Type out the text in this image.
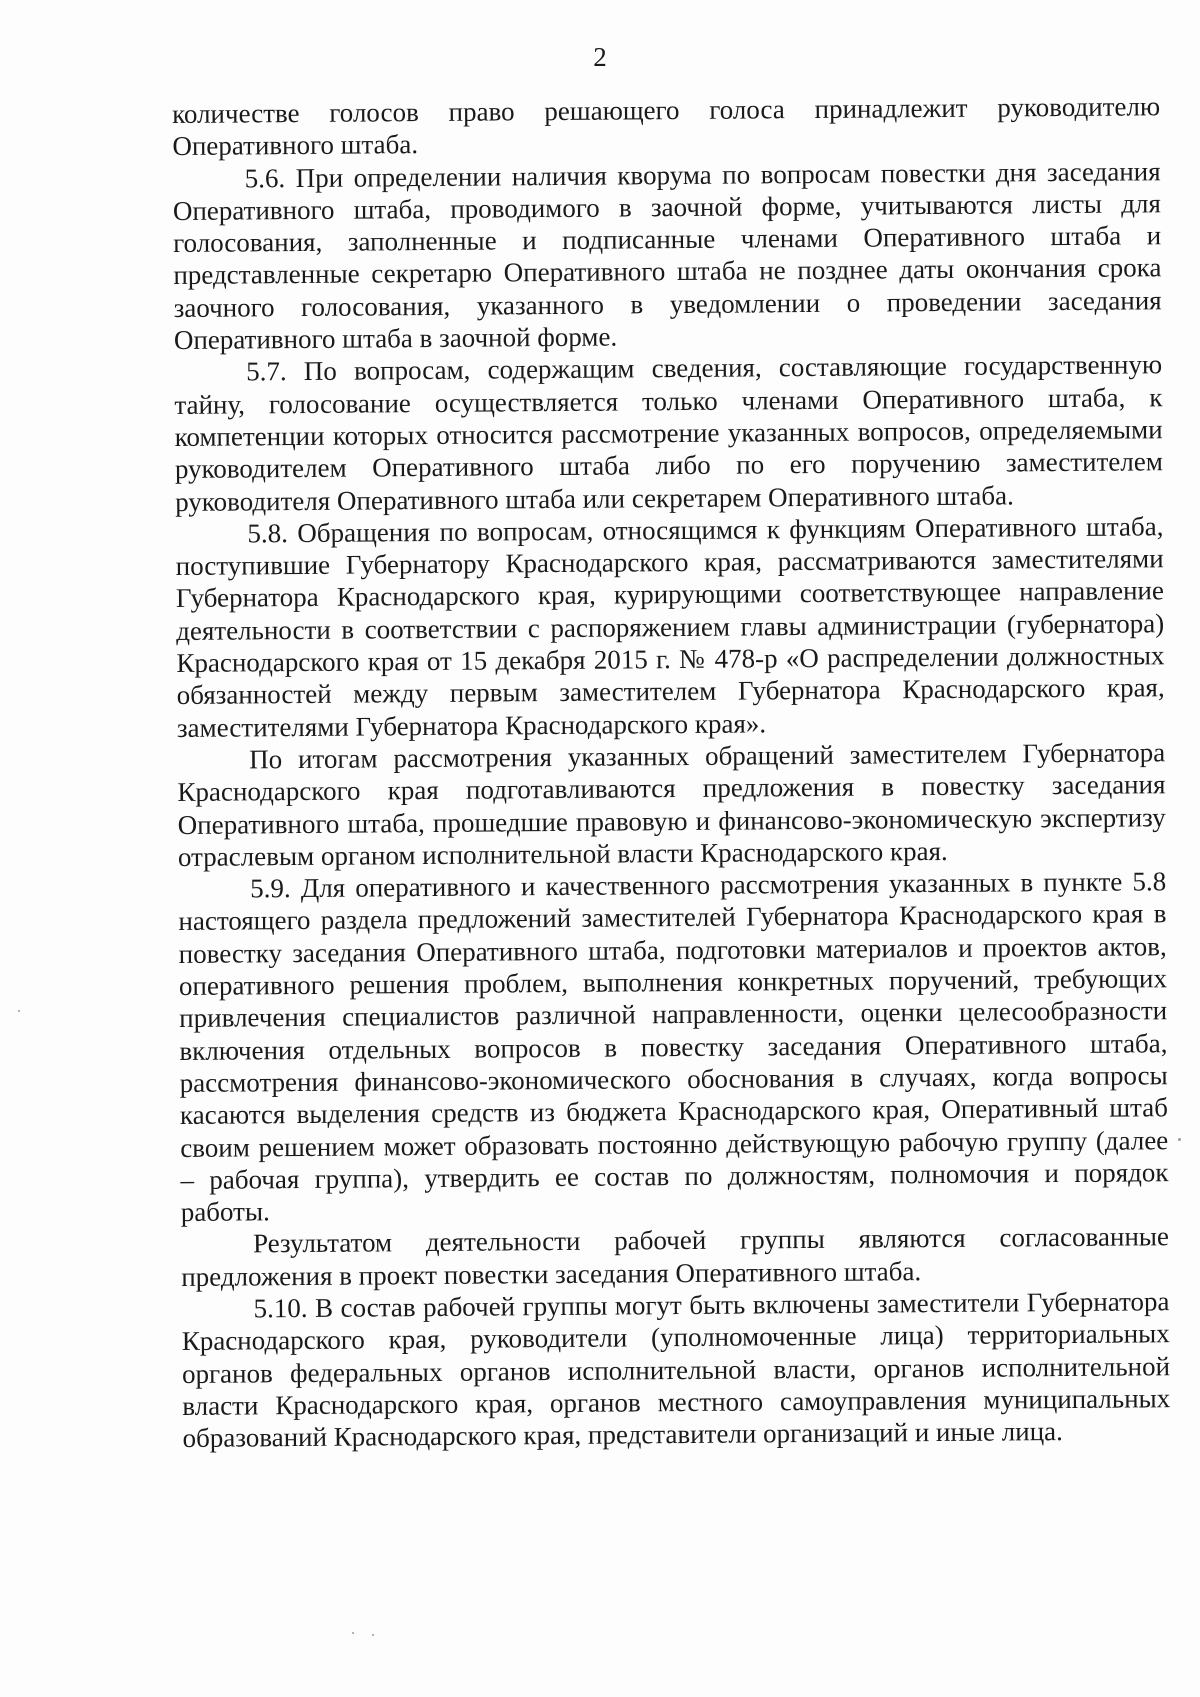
2

количестве голосов право решающего голоса принадлежит руководителю Оперативного штаба.

5.6. При определении наличия кворума по вопросам повестки дня заседания Оперативного штаба, проводимого в заочной форме, учитываются листы для голосования, заполненные и подписанные членами Оперативного штаба и представленные секретарю Оперативного штаба не позднее даты окончания срока заочного голосования, указанного в уведомлении о проведении заседания Оперативного штаба в заочной форме.

5.7. По вопросам, содержащим сведения, составляющие государственную тайну, голосование осуществляется только членами Оперативного штаба, к компетенции которых относится рассмотрение указанных вопросов, определяемыми руководителем Оперативного штаба либо по его поручению заместителем руководителя Оперативного штаба или секретарем Оперативного штаба.

5.8. Обращения по вопросам, относящимся к функциям Оперативного штаба, поступившие Губернатору Краснодарского края, рассматриваются заместителями Губернатора Краснодарского края, курирующими соответствующее направление деятельности в соответствии с распоряжением главы администрации (губернатора) Краснодарского края от 15 декабря 2015 г. № 478-р «О распределении должностных обязанностей между первым заместителем Губернатора Краснодарского края, заместителями Губернатора Краснодарского края».

По итогам рассмотрения указанных обращений заместителем Губернатора Краснодарского края подготавливаются предложения в повестку заседания Оперативного штаба, прошедшие правовую и финансово-экономическую экспертизу отраслевым органом исполнительной власти Краснодарского края.

5.9. Для оперативного и качественного рассмотрения указанных в пункте 5.8 настоящего раздела предложений заместителей Губернатора Краснодарского края в повестку заседания Оперативного штаба, подготовки материалов и проектов актов, оперативного решения проблем, выполнения конкретных поручений, требующих привлечения специалистов различной направленности, оценки целесообразности включения отдельных вопросов в повестку заседания Оперативного штаба, рассмотрения финансово-экономического обоснования в случаях, когда вопросы касаются выделения средств из бюджета Краснодарского края, Оперативный штаб своим решением может образовать постоянно действующую рабочую группу (далее – рабочая группа), утвердить ее состав по должностям, полномочия и порядок работы.

Результатом деятельности рабочей группы являются согласованные предложения в проект повестки заседания Оперативного штаба.

5.10. В состав рабочей группы могут быть включены заместители Губернатора Краснодарского края, руководители (уполномоченные лица) территориальных органов федеральных органов исполнительной власти, органов исполнительной власти Краснодарского края, органов местного самоуправления муниципальных образований Краснодарского края, представители организаций и иные лица.
